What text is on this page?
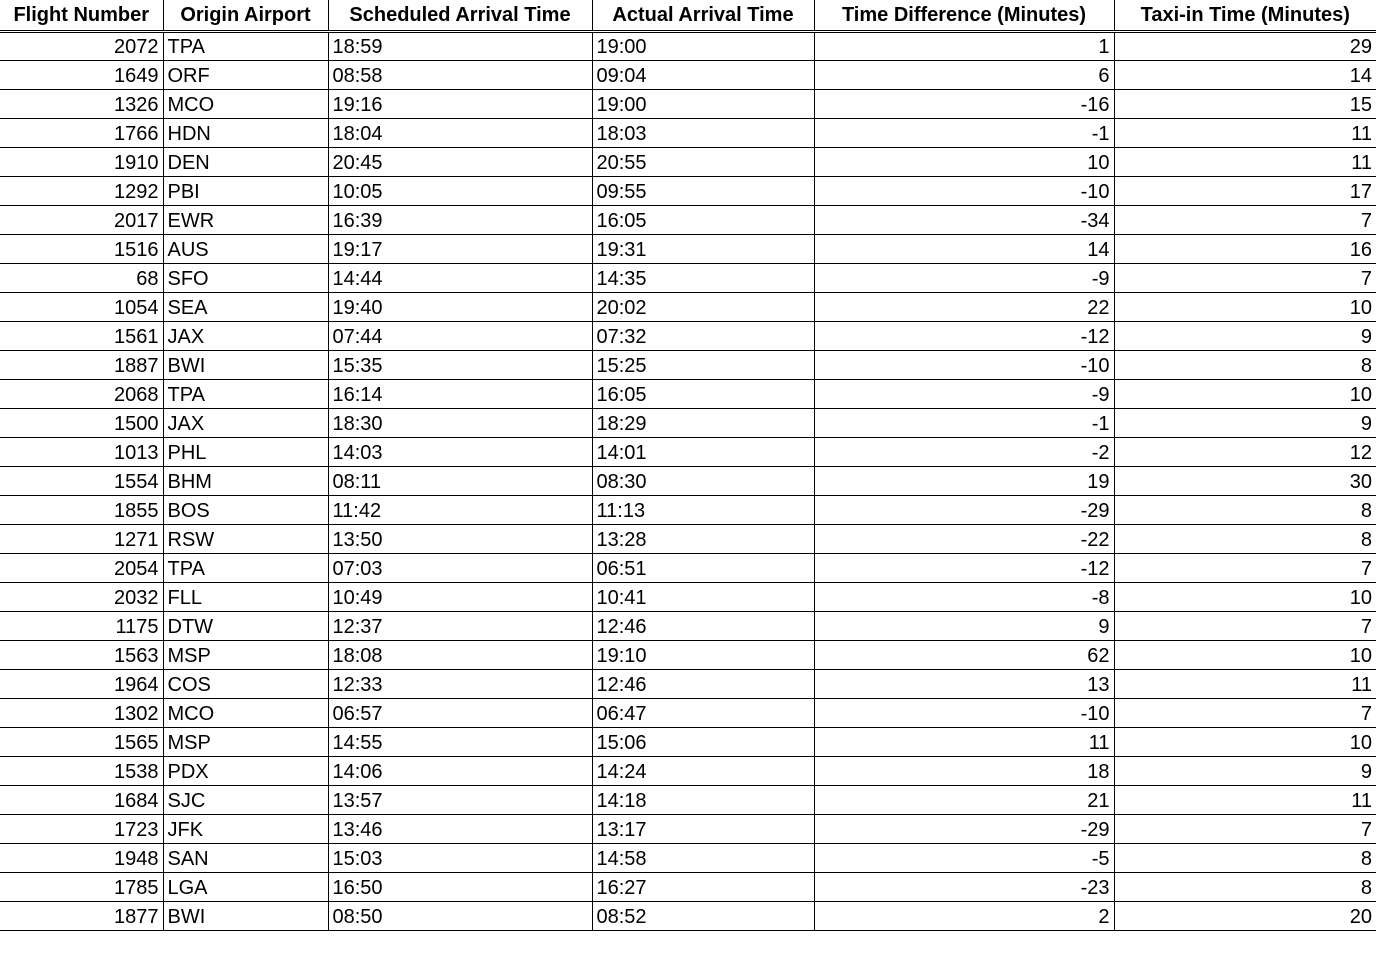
Flight Number	Origin Airport	Scheduled Arrival Time	Actual Arrival Time	Time Difference (Minutes)	Taxi-in Time (Minutes)
2072	TPA	18:59	19:00	1	29
1649	ORF	08:58	09:04	6	14
1326	MCO	19:16	19:00	-16	15
1766	HDN	18:04	18:03	-1	11
1910	DEN	20:45	20:55	10	11
1292	PBI	10:05	09:55	-10	17
2017	EWR	16:39	16:05	-34	7
1516	AUS	19:17	19:31	14	16
68	SFO	14:44	14:35	-9	7
1054	SEA	19:40	20:02	22	10
1561	JAX	07:44	07:32	-12	9
1887	BWI	15:35	15:25	-10	8
2068	TPA	16:14	16:05	-9	10
1500	JAX	18:30	18:29	-1	9
1013	PHL	14:03	14:01	-2	12
1554	BHM	08:11	08:30	19	30
1855	BOS	11:42	11:13	-29	8
1271	RSW	13:50	13:28	-22	8
2054	TPA	07:03	06:51	-12	7
2032	FLL	10:49	10:41	-8	10
1175	DTW	12:37	12:46	9	7
1563	MSP	18:08	19:10	62	10
1964	COS	12:33	12:46	13	11
1302	MCO	06:57	06:47	-10	7
1565	MSP	14:55	15:06	11	10
1538	PDX	14:06	14:24	18	9
1684	SJC	13:57	14:18	21	11
1723	JFK	13:46	13:17	-29	7
1948	SAN	15:03	14:58	-5	8
1785	LGA	16:50	16:27	-23	8
1877	BWI	08:50	08:52	2	20
